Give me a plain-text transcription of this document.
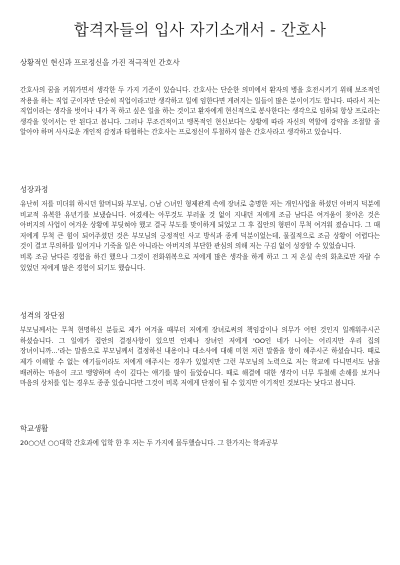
합격자들의 입사 자기소개서 - 간호사

상황적인 현신과 프로정신을 가진 적극적인 간호사

간호사의 꿈을 키워가면서 생각한 두 가지 기준이 있습니다. 간호사는 단순한 의미에서 환자의 병을 호전시키기 위해 보조적인 작용을 하는 직업 군이자만 단순히 직업이라고만 생각하고 일에 임한다면 게려지는 일들이 많은 분이이기도 합니다. 따라서 저는 직업이라는 생각을 벗어나 내가 꼭 하고 싶은 일을 하는 것이고 환자에게 현신적으로 봉사한다는 생각으로 임하되 항상 프로라는 생각을 잊어서는 안 된다고 봅니다. 그러나 무조건적이고 맹목적인 현신보다는 상황에 따라 자신의 역할에 강약을 조절할 줄 알아야 하며 사사로운 개인적 감정과 타협하는 간호사는 프로정신이 투철하지 않은 간호사라고 생각하고 있습니다.

성장과정

유난히 저를 미더워 하시던 할머니와 부모님, ○남 ○녀인 형제관계 속에 장녀로 총명한 저는 개인사업을 하셨던 아버지 덕분에 비교적 유복한 유년기를 보냈습니다. 여겼세는 아무것도 부러울 것 없이 지내던 저에게 조금 남다른 여겨움이 찾아온 것은 아버지의 사업이 여겨운 상황에 부딪혀야 했고 결국 부도를 맞이하게 되었고 그 후 집안의 형편이 무척 여겨워 졌습니다. 그 때 저에게 무척 큰 힘이 되어주셨던 것은 부모님의 긍정적인 사고 방식과 종게 덕분이었는데, 물질적으로 조금 상황이 어렵다는 것이 결코 무의하를 일어거나 기죽을 일은 아니라는 아버지의 부단한 관심의 의해 저는 구김 없이 성장할 수 있었습니다.

비록 조금 남다른 경험을 하긴 했으나 그것이 전화위복으로 저에게 많은 생각을 하게 하고 그 저 온실 속의 화초로만 자랄 수 있었던 저에게 많은 경험이 되기도 했습니다.

성격의 장단점

부모님께서는 무척 현명하신 분들로 제가 여겨울 때부터 저에게 장녀로써의 책임감이나 의무가 어떤 것인지 일깨워주시곤 하셨습니다. 그 일에가 집안의 결정사항이 있으면 언제나 장녀인 저에게 'OO인 네가 나이는 어리지만 우리 집의 장녀이니까...'라는 말씀으로 부모님께서 결정하신 내용이나 대소사에 대해 미현 저런 말씀을 항이 해주시곤 하셨습니다. 때로 제가 이해할 수 없는 얘기들이라도 저에게 얘주시는 경우가 있었지만 그런 부모님의 노력으로 저는 학교에 다니면서도 남을 배려하는 마음이 크고 맹양하며 속이 깊다는 얘기를 많이 들었습니다. 때로 해결에 대한 생각이 너무 투철해 손해를 보거나 마음의 상처를 입는 경우도 종종 있습니다만 그것이 비록 저에게 단점이 될 수 있지만 이기적인 것보다는 낫다고 봅니다.

학교생활

20○○년 ○○대학 간호과에 입학 한 후 저는 두 가지에 몰두했습니다. 그 한가지는 학과공부
